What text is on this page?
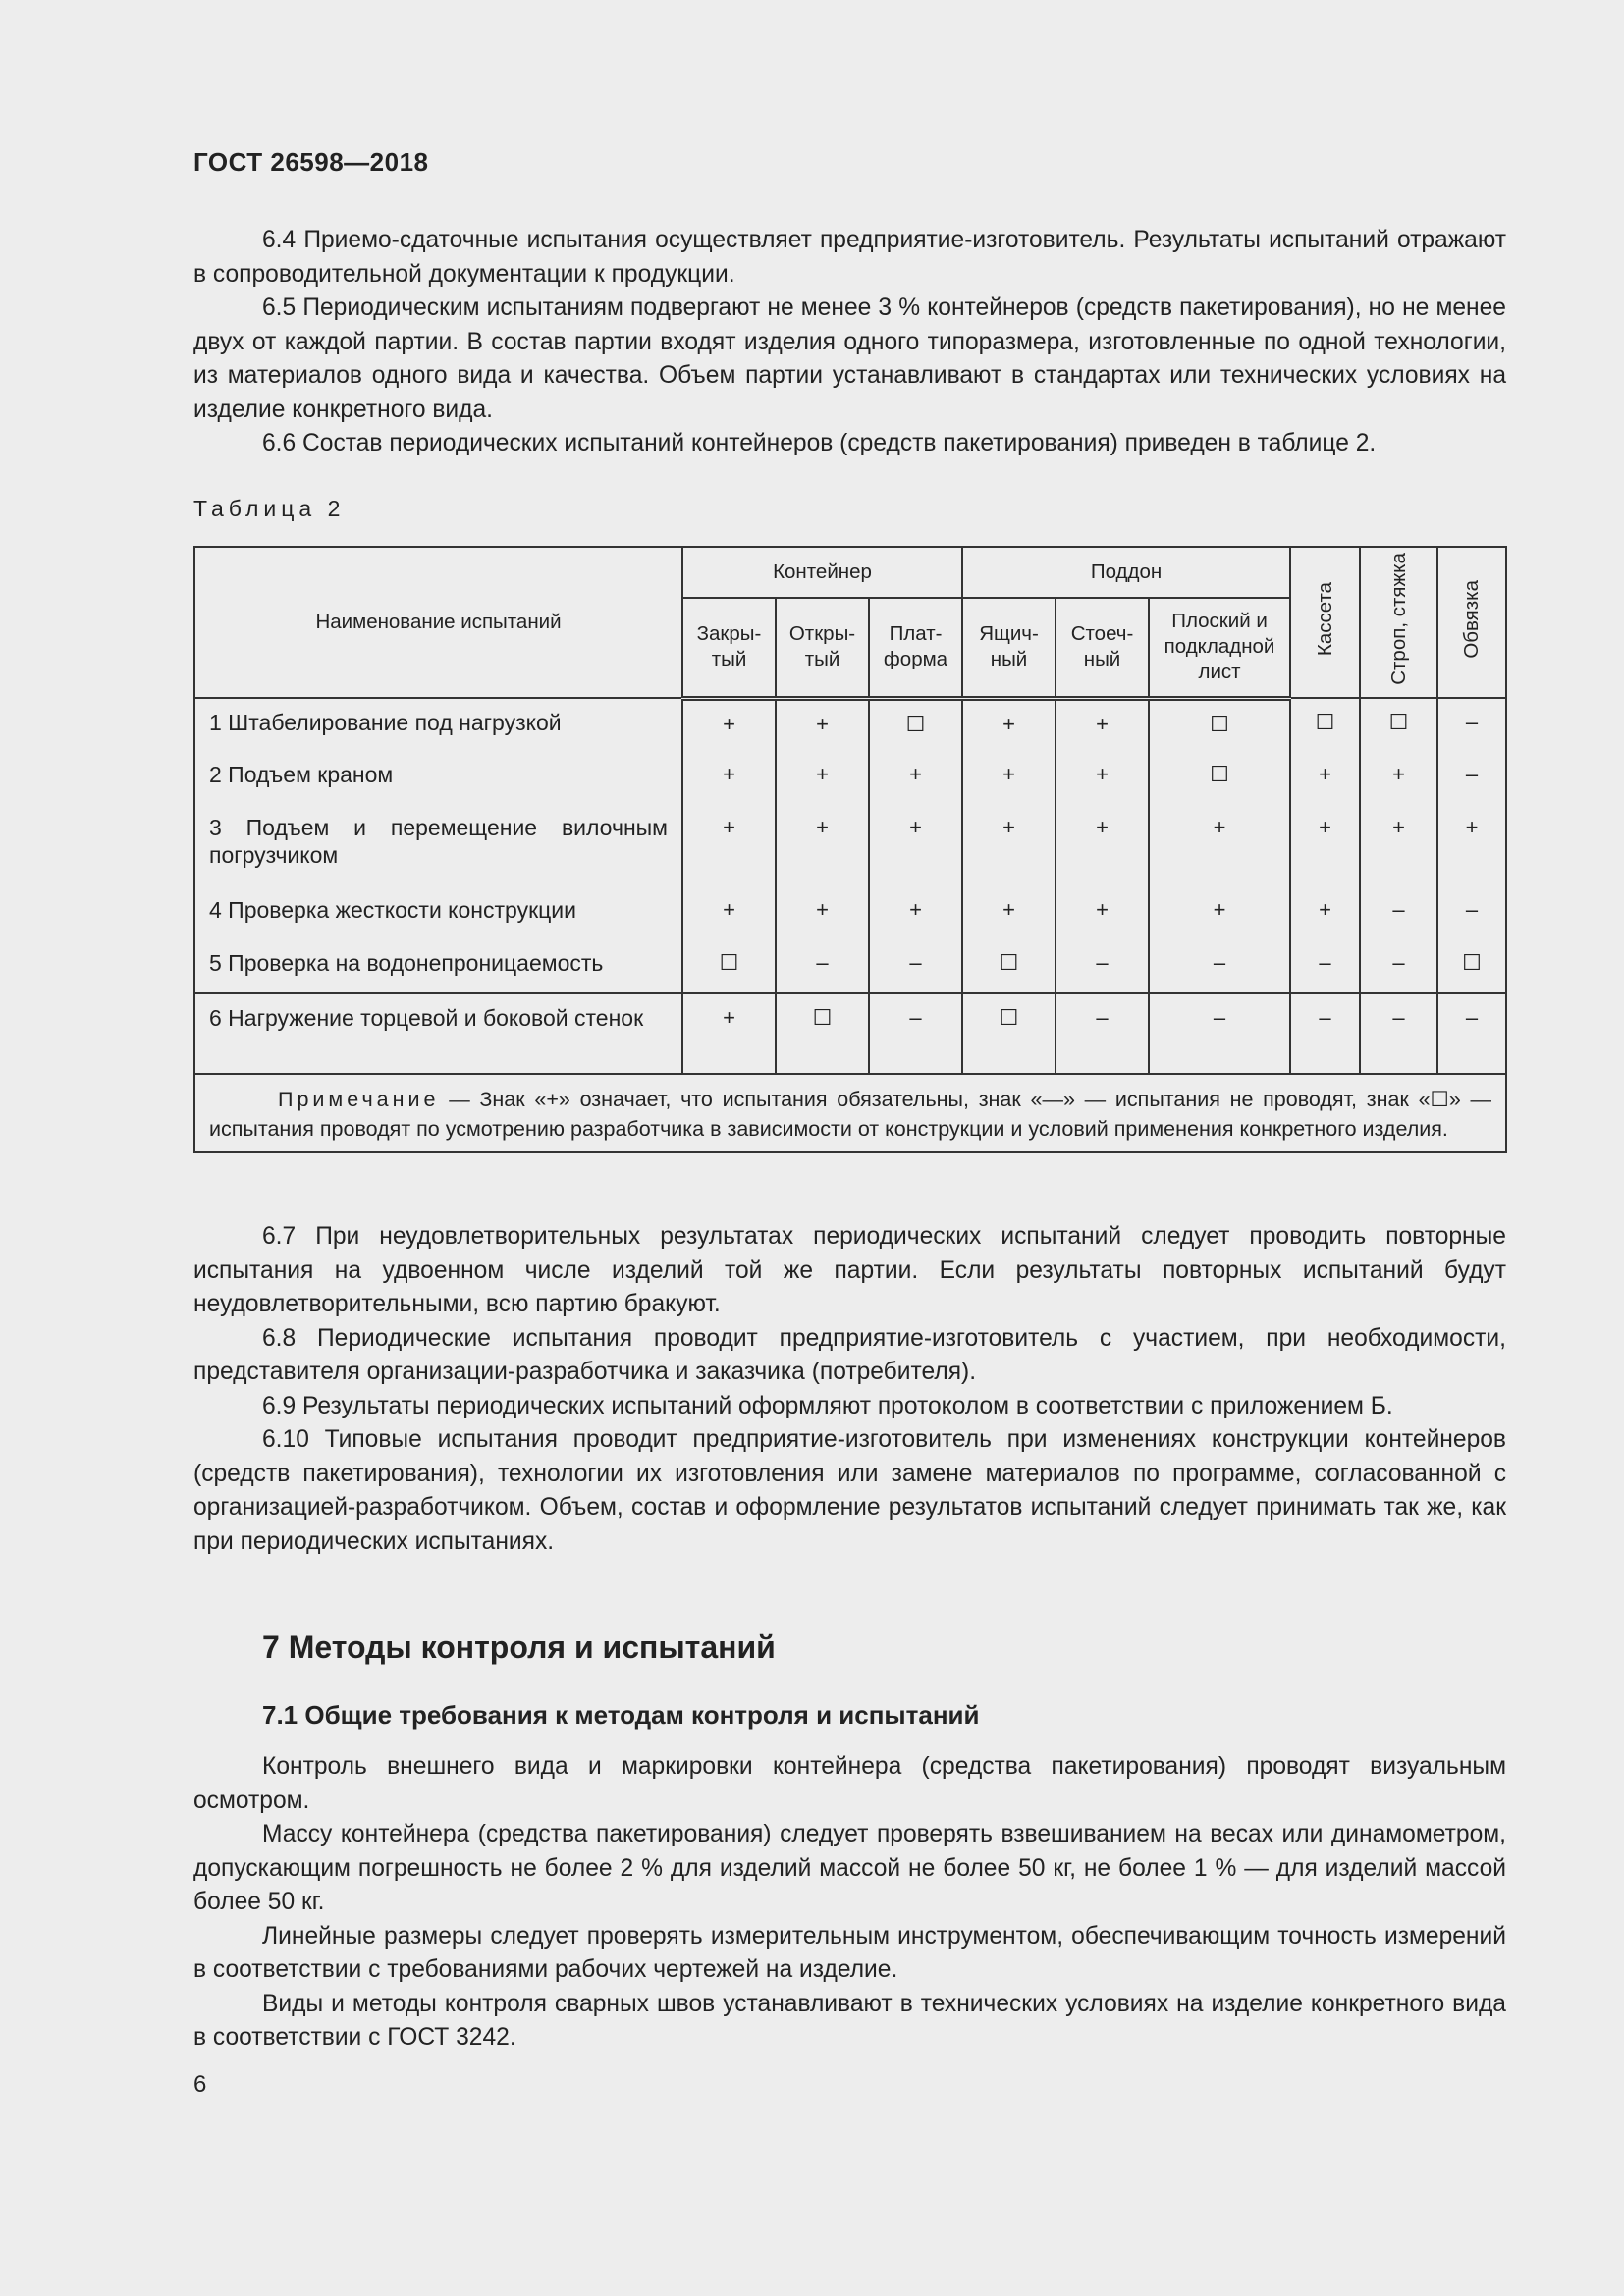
ГОСТ 26598—2018

6.4 Приемо-сдаточные испытания осуществляет предприятие-изготовитель. Результаты испытаний отражают в сопроводительной документации к продукции.

6.5 Периодическим испытаниям подвергают не менее 3 % контейнеров (средств пакетирования), но не менее двух от каждой партии. В состав партии входят изделия одного типоразмера, изготовленные по одной технологии, из материалов одного вида и качества. Объем партии устанавливают в стандартах или технических условиях на изделие конкретного вида.

6.6 Состав периодических испытаний контейнеров (средств пакетирования) приведен в таблице 2.

Таблица 2
Наименование испытаний	Контейнер			Поддон			Кассета	Строп, стяжка	Обвязка
	Закры-тый	Откры-тый	Плат-форма	Ящич-ный	Стоеч-ный	Плоский и подкладной лист			
1 Штабелирование под нагрузкой	+	+	☐	+	+	☐	☐	☐	–
2 Подъем краном	+	+	+	+	+	☐	+	+	–
3 Подъем и перемещение вилочным погрузчиком	+	+	+	+	+	+	+	+	+
4 Проверка жесткости конструкции	+	+	+	+	+	+	+	–	–
5 Проверка на водонепроницаемость	☐	–	–	☐	–	–	–	–	☐
6 Нагружение торцевой и боковой стенок	+	☐	–	☐	–	–	–	–	–
Примечание — Знак «+» означает, что испытания обязательны, знак «—» — испытания не проводят, знак «☐» — испытания проводят по усмотрению разработчика в зависимости от конструкции и условий применения конкретного изделия.									

6.7 При неудовлетворительных результатах периодических испытаний следует проводить повторные испытания на удвоенном числе изделий той же партии. Если результаты повторных испытаний будут неудовлетворительными, всю партию бракуют.

6.8 Периодические испытания проводит предприятие-изготовитель с участием, при необходимости, представителя организации-разработчика и заказчика (потребителя).

6.9 Результаты периодических испытаний оформляют протоколом в соответствии с приложением Б.

6.10 Типовые испытания проводит предприятие-изготовитель при изменениях конструкции контейнеров (средств пакетирования), технологии их изготовления или замене материалов по программе, согласованной с организацией-разработчиком. Объем, состав и оформление результатов испытаний следует принимать так же, как при периодических испытаниях.

7 Методы контроля и испытаний
7.1 Общие требования к методам контроля и испытаний

Контроль внешнего вида и маркировки контейнера (средства пакетирования) проводят визуальным осмотром.

Массу контейнера (средства пакетирования) следует проверять взвешиванием на весах или динамометром, допускающим погрешность не более 2 % для изделий массой не более 50 кг, не более 1 % — для изделий массой более 50 кг.

Линейные размеры следует проверять измерительным инструментом, обеспечивающим точность измерений в соответствии с требованиями рабочих чертежей на изделие.

Виды и методы контроля сварных швов устанавливают в технических условиях на изделие конкретного вида в соответствии с ГОСТ 3242.

6
